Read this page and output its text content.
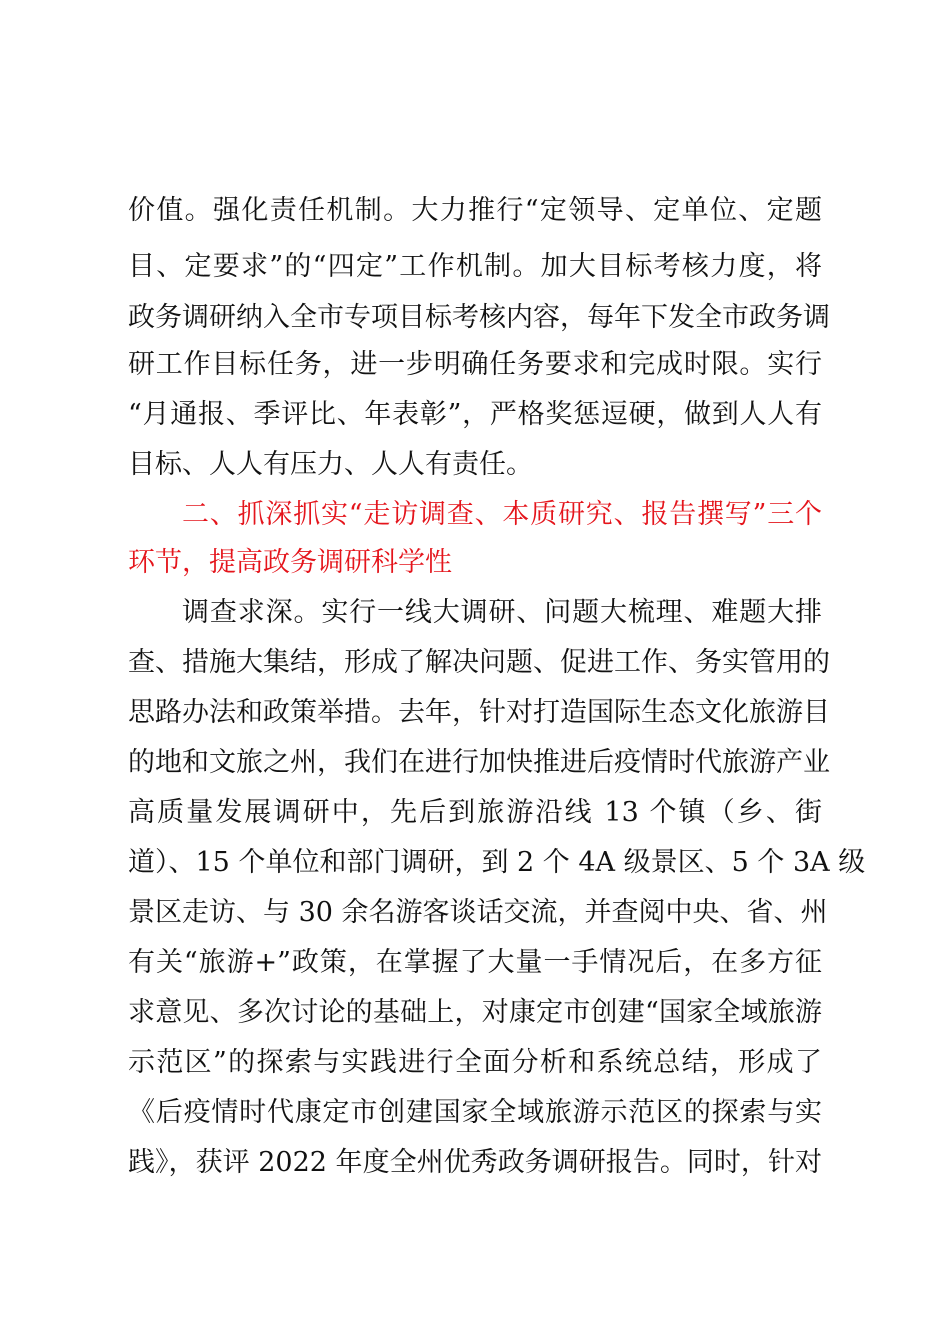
价值。强化责任机制。大力推行“定领导、定单位、定题
目、定要求”的“四定”工作机制。加大目标考核力度，将
政务调研纳入全市专项目标考核内容，每年下发全市政务调
研工作目标任务，进一步明确任务要求和完成时限。实行
“月通报、季评比、年表彰”，严格奖惩逗硬，做到人人有
目标、人人有压力、人人有责任。
二、抓深抓实“走访调查、本质研究、报告撰写”三个
环节，提高政务调研科学性
调查求深。实行一线大调研、问题大梳理、难题大排
查、措施大集结，形成了解决问题、促进工作、务实管用的
思路办法和政策举措。去年，针对打造国际生态文化旅游目
的地和文旅之州，我们在进行加快推进后疫情时代旅游产业
高质量发展调研中，先后到旅游沿线 13 个镇（乡、街
道）、15 个单位和部门调研，到 2 个 4A 级景区、5 个 3A 级
景区走访、与 30 余名游客谈话交流，并查阅中央、省、州
有关“旅游+”政策，在掌握了大量一手情况后，在多方征
求意见、多次讨论的基础上，对康定市创建“国家全域旅游
示范区”的探索与实践进行全面分析和系统总结，形成了
《后疫情时代康定市创建国家全域旅游示范区的探索与实
践》，获评 2022 年度全州优秀政务调研报告。同时，针对
